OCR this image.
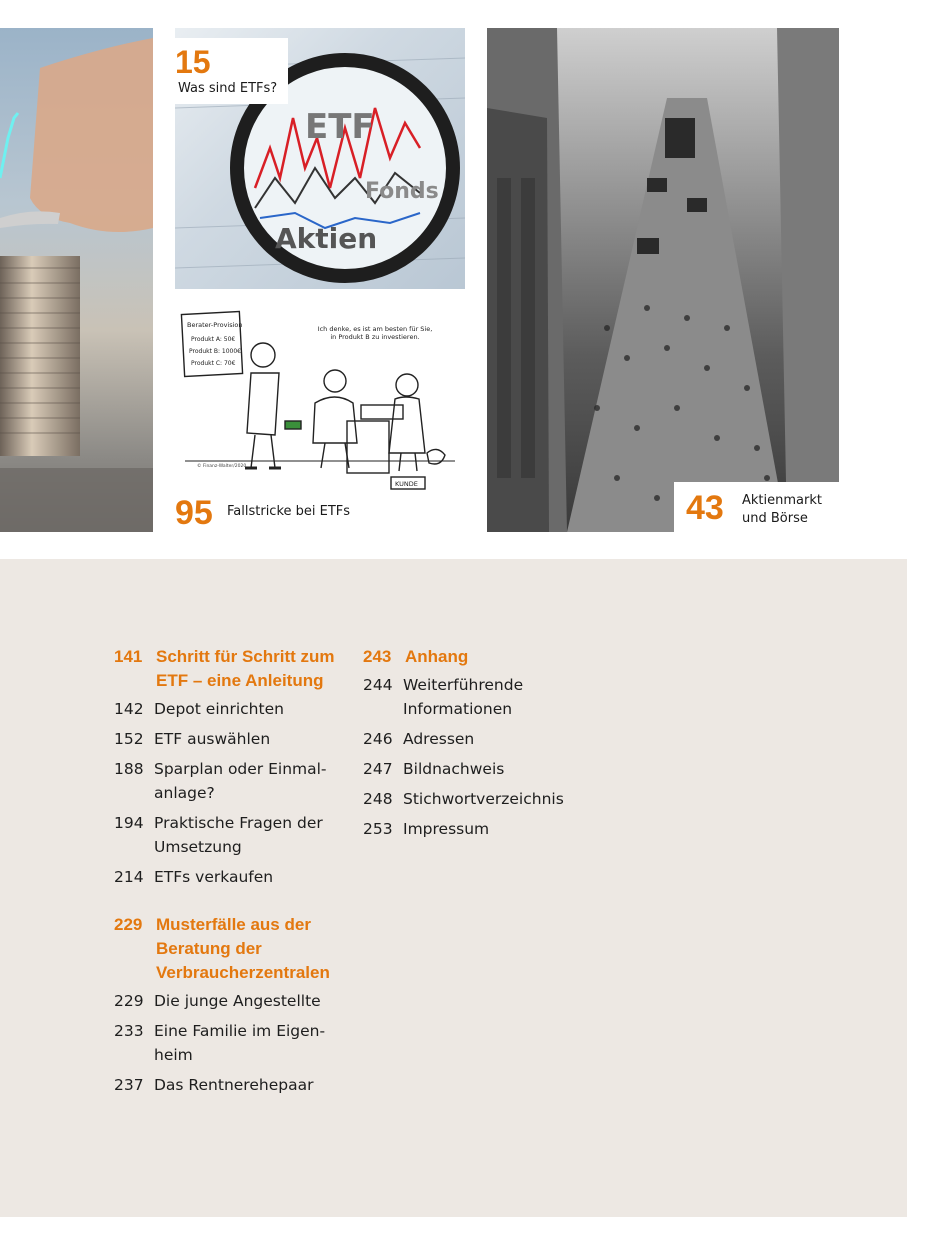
ETF
Fonds
Aktien
15
Was sind ETFs?
Berater-Provision
Produkt A: 50€
Produkt B: 1000€
Produkt C: 70€
Ich denke, es ist am besten für Sie, in Produkt B zu investieren.
KUNDE
© Finanz-Walter/2020
95 Fallstricke bei ETFs	43 Aktienmarkt
und Börse
141 Schritt für Schritt zum
ETF – eine Anleitung
142 Depot einrichten
152 ETF auswählen
188 Sparplan oder Einmal-
anlage?
194 Praktische Fragen der
Umsetzung
214 ETFs verkaufen
229 Musterfälle aus der
Beratung der
Verbraucherzentralen
229 Die junge Angestellte
233 Eine Familie im Eigen-
heim
237 Das Rentnerehepaar
243 Anhang
244 Weiterführende
Informationen
246 Adressen
247 Bildnachweis
248 Stichwortverzeichnis
253 Impressum
